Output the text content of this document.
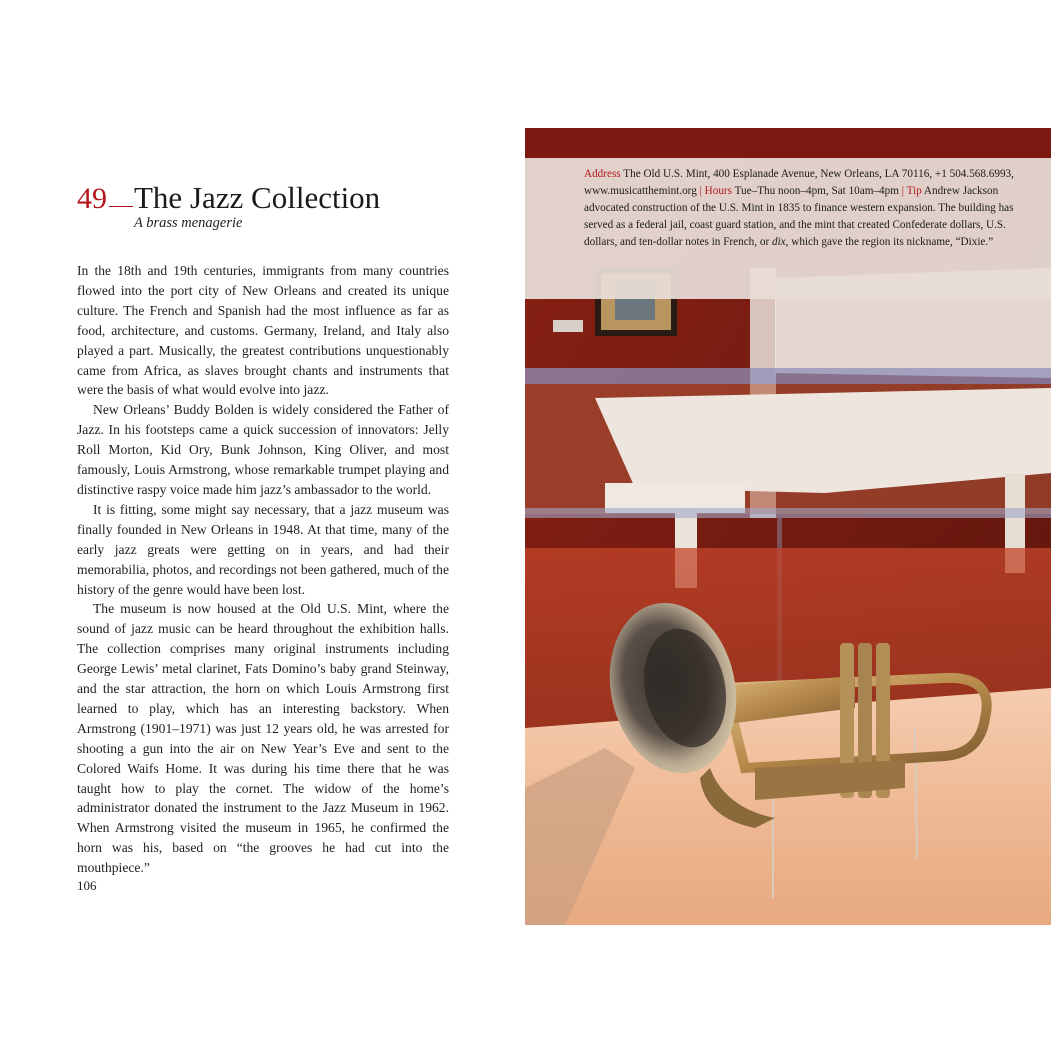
49 The Jazz Collection
A brass menagerie

In the 18th and 19th centuries, immigrants from many countries flowed into the port city of New Orleans and created its unique culture. The French and Spanish had the most influence as far as food, architecture, and customs. Germany, Ireland, and Italy also played a part. Musically, the greatest contributions unquestionably came from Africa, as slaves brought chants and instruments that were the basis of what would evolve into jazz.

New Orleans’ Buddy Bolden is widely considered the Father of Jazz. In his footsteps came a quick succession of innovators: Jelly Roll Morton, Kid Ory, Bunk Johnson, King Oliver, and most famously, Louis Armstrong, whose remarkable trumpet playing and distinctive raspy voice made him jazz’s ambassador to the world.

It is fitting, some might say necessary, that a jazz museum was finally founded in New Orleans in 1948. At that time, many of the early jazz greats were getting on in years, and had their memorabilia, photos, and recordings not been gathered, much of the history of the genre would have been lost.

The museum is now housed at the Old U.S. Mint, where the sound of jazz music can be heard throughout the exhibition halls. The collection comprises many original instruments including George Lewis’ metal clarinet, Fats Domino’s baby grand Steinway, and the star attraction, the horn on which Louis Armstrong first learned to play, which has an interesting backstory. When Armstrong (1901–1971) was just 12 years old, he was arrested for shooting a gun into the air on New Year’s Eve and sent to the Colored Waifs Home. It was during his time there that he was taught how to play the cornet. The widow of the home’s administrator donated the instrument to the Jazz Museum in 1962. When Armstrong visited the museum in 1965, he confirmed the horn was his, based on “the grooves he had cut into the mouthpiece.”

106
Address The Old U.S. Mint, 400 Esplanade Avenue, New Orleans, LA 70116, +1 504.568.6993, www.musicatthemint.org | Hours Tue–Thu noon–4pm, Sat 10am–4pm | Tip Andrew Jackson advocated construction of the U.S. Mint in 1835 to finance western expansion. The building has served as a federal jail, coast guard station, and the mint that created Confederate dollars, U.S. dollars, and ten-dollar notes in French, or dix, which gave the region its nickname, “Dixie.”
